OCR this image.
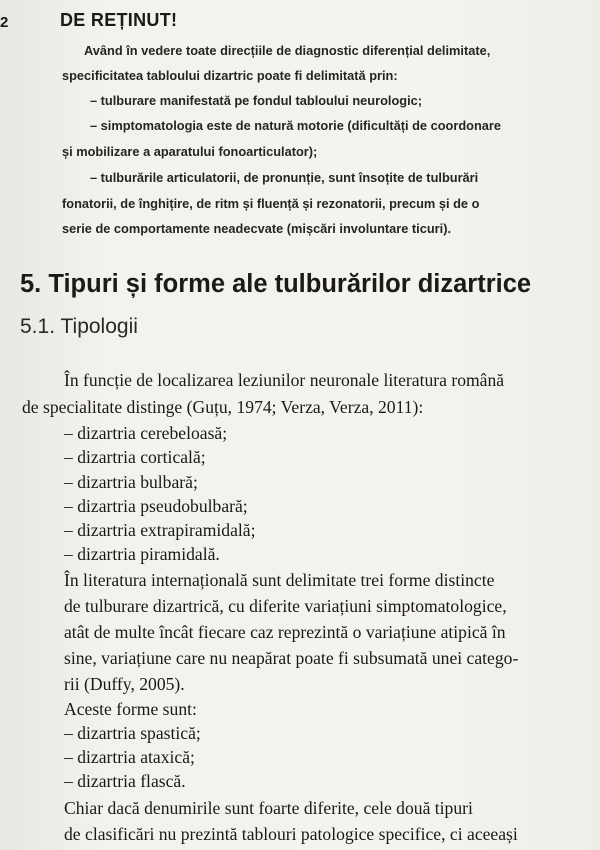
2	DE REȚINUT!
Având în vedere toate direcțiile de diagnostic diferențial delimitate,
specificitatea tabloului dizartric poate fi delimitată prin:
– tulburare manifestată pe fondul tabloului neurologic;
– simptomatologia este de natură motorie (dificultăți de coordonare
și mobilizare a aparatului fonoarticulator);
– tulburările articulatorii, de pronunție, sunt însoțite de tulburări
fonatorii, de înghițire, de ritm și fluență și rezonatorii, precum și de o
serie de comportamente neadecvate (mișcări involuntare ticuri).
5. Tipuri și forme ale tulburărilor dizartrice
5.1. Tipologii
În funcție de localizarea leziunilor neuronale literatura română
de specialitate distinge (Guțu, 1974; Verza, Verza, 2011):
– dizartria cerebeloasă;
– dizartria corticală;
– dizartria bulbară;
– dizartria pseudobulbară;
– dizartria extrapiramidală;
– dizartria piramidală.
În literatura internațională sunt delimitate trei forme distincte
de tulburare dizartrică, cu diferite variațiuni simptomatologice,
atât de multe încât fiecare caz reprezintă o variațiune atipică în
sine, variațiune care nu neapărat poate fi subsumată unei catego-
rii (Duffy, 2005).
Aceste forme sunt:
– dizartria spastică;
– dizartria ataxică;
– dizartria flască.
Chiar dacă denumirile sunt foarte diferite, cele două tipuri
de clasificări nu prezintă tablouri patologice specifice, ci aceeași
